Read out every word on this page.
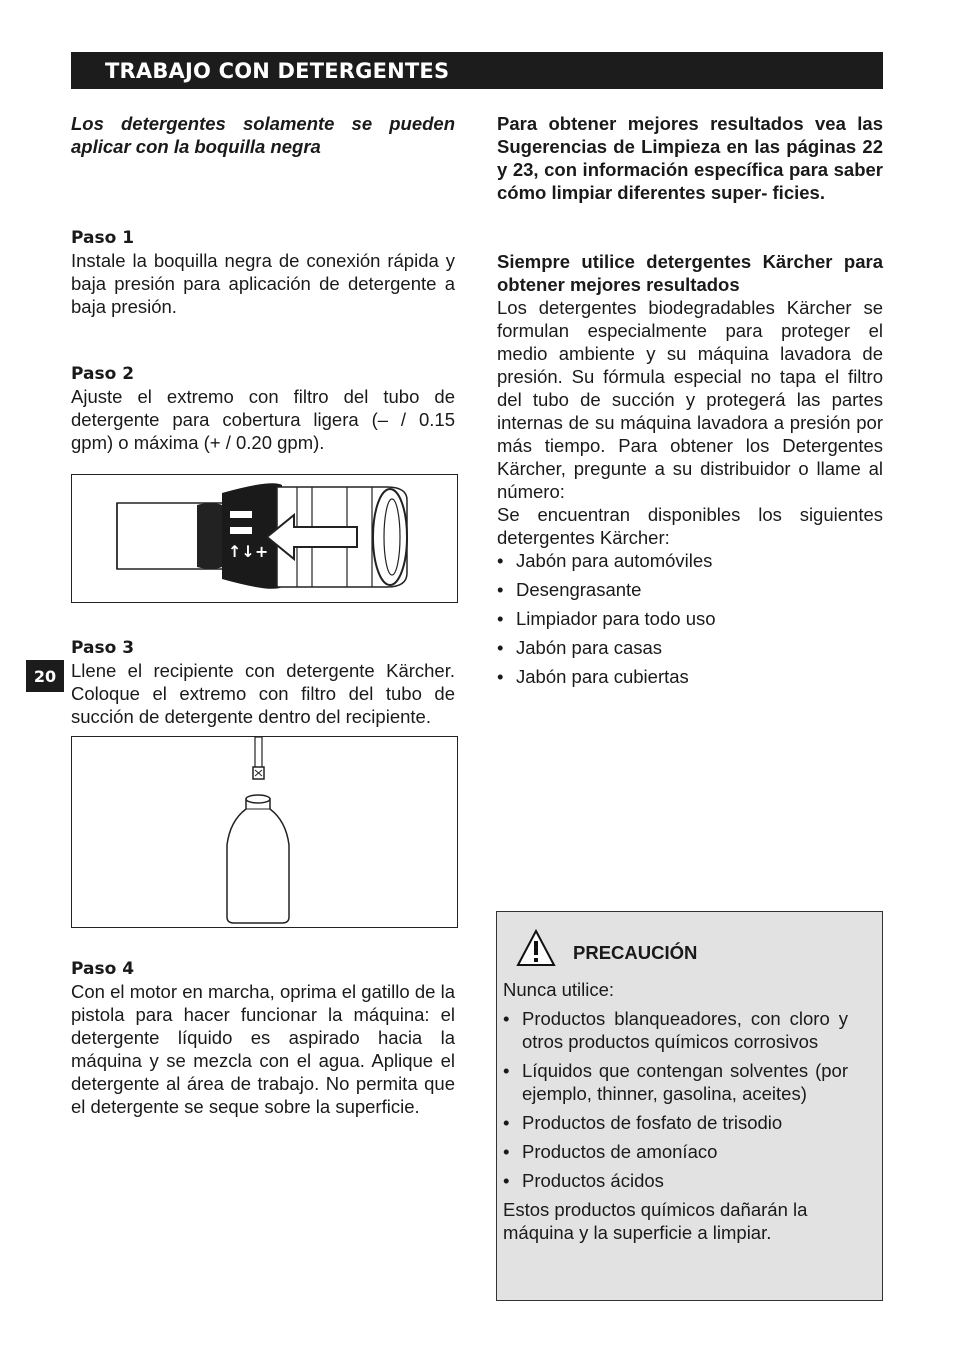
TRABAJO CON DETERGENTES
20

Los detergentes solamente se pueden aplicar con la boquilla negra

Paso 1

Instale la boquilla negra de conexión rápida y baja presión para aplicación de detergente a baja presión.

Paso 2

Ajuste el extremo con filtro del tubo de detergente para cobertura ligera (– / 0.15 gpm) o máxima (+ / 0.20 gpm).

↑↓+
Paso 3

Llene el recipiente con detergente Kärcher. Coloque el extremo con filtro del tubo de succión de detergente dentro del recipiente.

Paso 4

Con el motor en marcha, oprima el gatillo de la pistola para hacer funcionar la máquina: el detergente líquido es aspirado hacia la máquina y se mezcla con el agua. Aplique el detergente al área de trabajo. No permita que el detergente se seque sobre la superficie.

Para obtener mejores resultados vea las Sugerencias de Limpieza en las páginas 22 y 23, con información específica para saber cómo limpiar diferentes super- ficies.

Siempre utilice detergentes Kärcher para obtener mejores resultados

Los detergentes biodegradables Kärcher se formulan especialmente para proteger el medio ambiente y su máquina lavadora de presión. Su fórmula especial no tapa el filtro del tubo de succión y protegerá las partes internas de su máquina lavadora a presión por más tiempo. Para obtener los Detergentes Kärcher, pregunte a su distribuidor o llame al número:

Se encuentran disponibles los siguientes detergentes Kärcher:

• Jabón para automóviles
• Desengrasante
• Limpiador para todo uso
• Jabón para casas
• Jabón para cubiertas
PRECAUCIÓN

Nunca utilice:

• Productos blanqueadores, con cloro y otros productos químicos corrosivos
• Líquidos que contengan solventes (por ejemplo, thinner, gasolina, aceites)
• Productos de fosfato de trisodio
• Productos de amoníaco
• Productos ácidos

Estos productos químicos dañarán la máquina y la superficie a limpiar.
